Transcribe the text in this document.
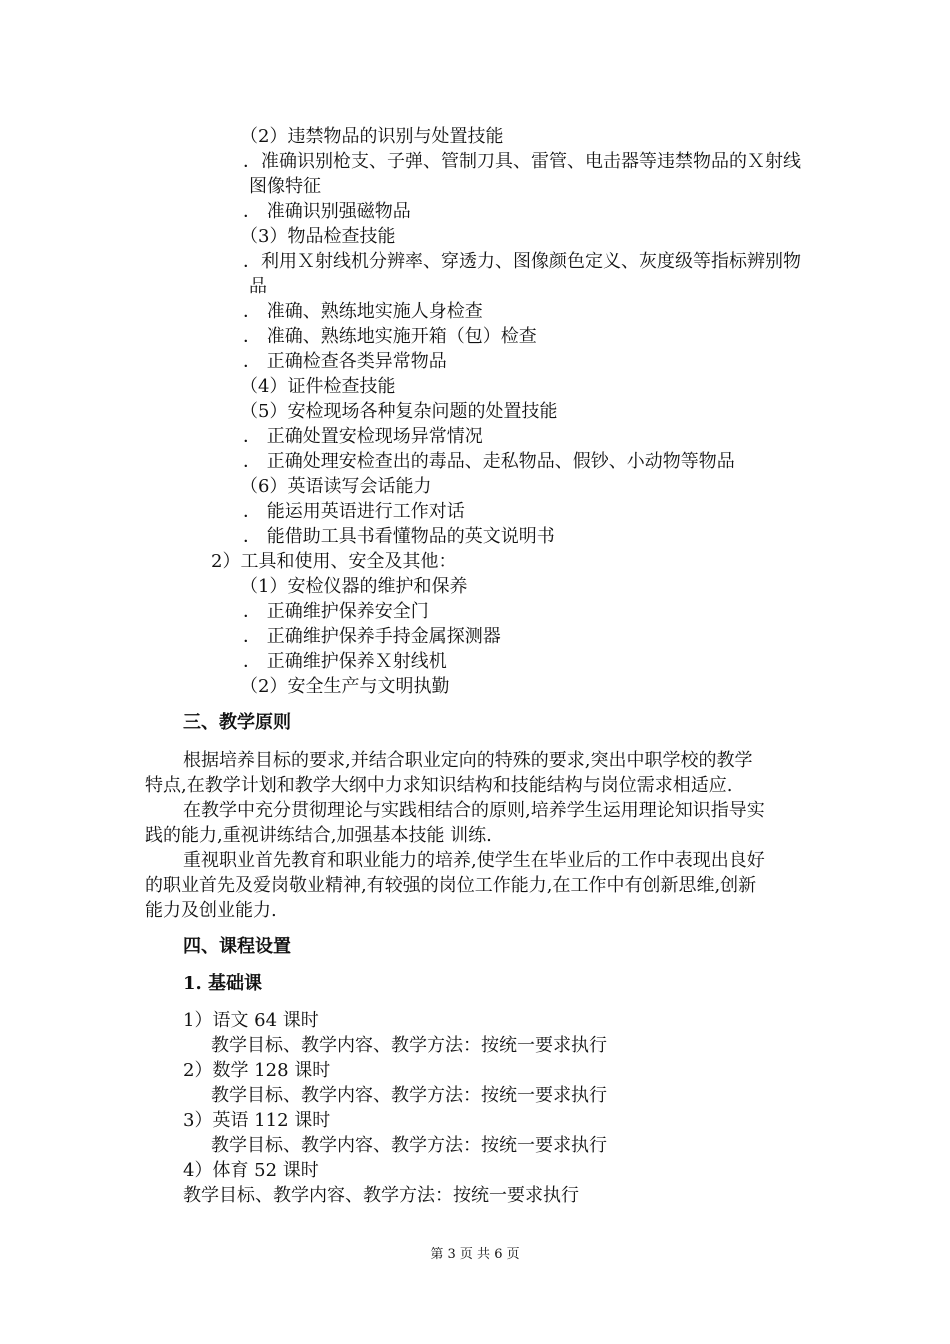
（2）违禁物品的识别与处置技能
．准确识别枪支、子弹、管制刀具、雷管、电击器等违禁物品的Ｘ射线
图像特征
． 准确识别强磁物品
（3）物品检查技能
．利用Ｘ射线机分辨率、穿透力、图像颜色定义、灰度级等指标辨别物
品
． 准确、熟练地实施人身检查
． 准确、熟练地实施开箱（包）检查
． 正确检查各类异常物品
（4）证件检查技能
（5）安检现场各种复杂问题的处置技能
． 正确处置安检现场异常情况
． 正确处理安检查出的毒品、走私物品、假钞、小动物等物品
（6）英语读写会话能力
． 能运用英语进行工作对话
． 能借助工具书看懂物品的英文说明书
2）工具和使用、安全及其他：
（1）安检仪器的维护和保养
． 正确维护保养安全门
． 正确维护保养手持金属探测器
． 正确维护保养Ｘ射线机
（2）安全生产与文明执勤
三、教学原则
根据培养目标的要求,并结合职业定向的特殊的要求,突出中职学校的教学
特点,在教学计划和教学大纲中力求知识结构和技能结构与岗位需求相适应.
在教学中充分贯彻理论与实践相结合的原则,培养学生运用理论知识指导实
践的能力,重视讲练结合,加强基本技能 训练.
重视职业首先教育和职业能力的培养,使学生在毕业后的工作中表现出良好
的职业首先及爱岗敬业精神,有较强的岗位工作能力,在工作中有创新思维,创新
能力及创业能力.
四、课程设置
1. 基础课
1）语文 64 课时
教学目标、教学内容、教学方法：按统一要求执行
2）数学 128 课时
教学目标、教学内容、教学方法：按统一要求执行
3）英语 112 课时
教学目标、教学内容、教学方法：按统一要求执行
4）体育 52 课时
教学目标、教学内容、教学方法：按统一要求执行
第 3 页 共 6 页
